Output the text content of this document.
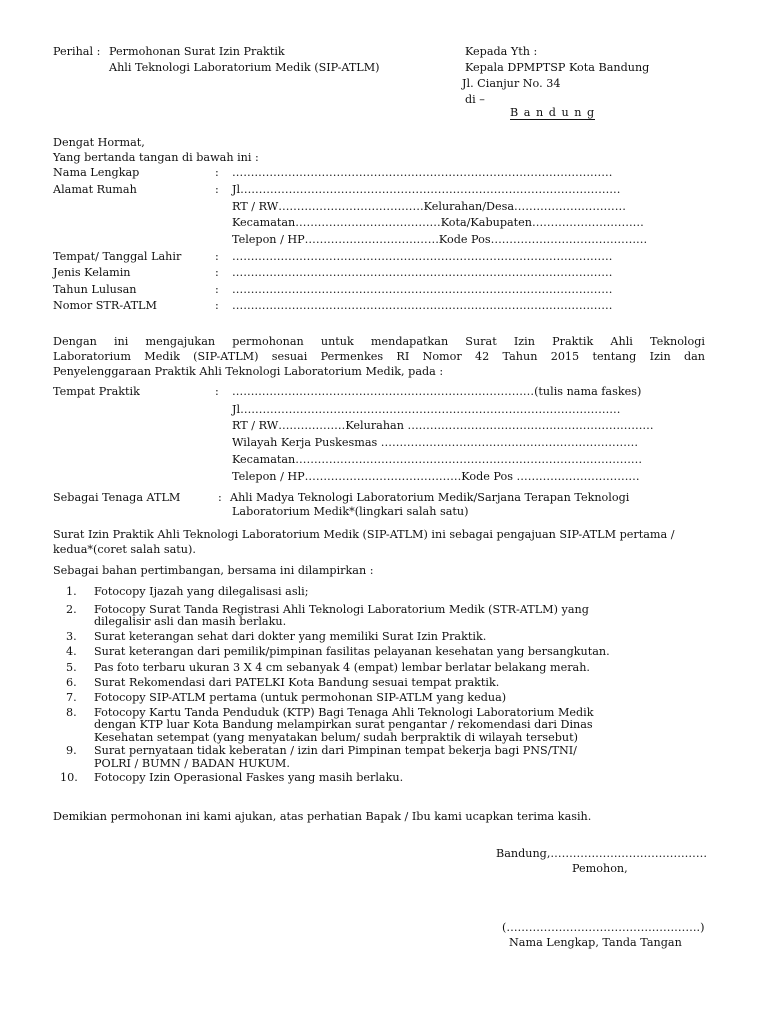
Perihal : Permohonan Surat Izin Praktik
Ahli Teknologi Laboratorium Medik (SIP-ATLM)
Kepada Yth :
Kepala DPMPTSP Kota Bandung
Jl. Cianjur No. 34
di –
B a n d u n g
Dengat Hormat,
Yang bertanda tangan di bawah ini :
Nama Lengkap	: …………………………………………………………………………………………
Alamat Rumah	: Jl…………………………………………………………………………………………
RT / RW…………………………………Kelurahan/Desa…………………………
Kecamatan…………………………………Kota/Kabupaten…………………………
Telepon / HP………………………………Kode Pos……………………………………
Tempat/ Tanggal Lahir	: …………………………………………………………………………………………
Jenis Kelamin	: …………………………………………………………………………………………
Tahun Lulusan	: …………………………………………………………………………………………
Nomor STR-ATLM	: …………………………………………………………………………………………
Dengan ini mengajukan permohonan untuk mendapatkan Surat Izin Praktik Ahli Teknologi
Laboratorium Medik (SIP-ATLM) sesuai Permenkes RI Nomor 42 Tahun 2015 tentang Izin dan
Penyelenggaraan Praktik Ahli Teknologi Laboratorium Medik, pada :
Tempat Praktik	: ………………………………………………………………………(tulis nama faskes)
Jl…………………………………………………………………………………………
RT / RW………………Kelurahan …………………………………………………………
Wilayah Kerja Puskesmas ……………………………………………………………
Kecamatan…………………………………………………………………………………
Telepon / HP……………………………………Kode Pos ……………………………
Sebagai Tenaga ATLM	: Ahli Madya Teknologi Laboratorium Medik/Sarjana Terapan Teknologi
Laboratorium Medik*(lingkari salah satu)
Surat Izin Praktik Ahli Teknologi Laboratorium Medik (SIP-ATLM) ini sebagai pengajuan SIP-ATLM pertama /
kedua*(coret salah satu).
Sebagai bahan pertimbangan, bersama ini dilampirkan :
1. Fotocopy Ijazah yang dilegalisasi asli;
2. Fotocopy Surat Tanda Registrasi Ahli Teknologi Laboratorium Medik (STR-ATLM) yang
dilegalisir asli dan masih berlaku.
3. Surat keterangan sehat dari dokter yang memiliki Surat Izin Praktik.
4. Surat keterangan dari pemilik/pimpinan fasilitas pelayanan kesehatan yang bersangkutan.
5. Pas foto terbaru ukuran 3 X 4 cm sebanyak 4 (empat) lembar berlatar belakang merah.
6. Surat Rekomendasi dari PATELKI Kota Bandung sesuai tempat praktik.
7. Fotocopy SIP-ATLM pertama (untuk permohonan SIP-ATLM yang kedua)
8. Fotocopy Kartu Tanda Penduduk (KTP) Bagi Tenaga Ahli Teknologi Laboratorium Medik
dengan KTP luar Kota Bandung melampirkan surat pengantar / rekomendasi dari Dinas
Kesehatan setempat (yang menyatakan belum/ sudah berpraktik di wilayah tersebut)
9. Surat pernyataan tidak keberatan / izin dari Pimpinan tempat bekerja bagi PNS/TNI/
POLRI / BUMN / BADAN HUKUM.
10. Fotocopy Izin Operasional Faskes yang masih berlaku.
Demikian permohonan ini kami ajukan, atas perhatian Bapak / Ibu kami ucapkan terima kasih.
Bandung,……………………………………
Pemohon,
(…………………………………………….)
Nama Lengkap, Tanda Tangan
